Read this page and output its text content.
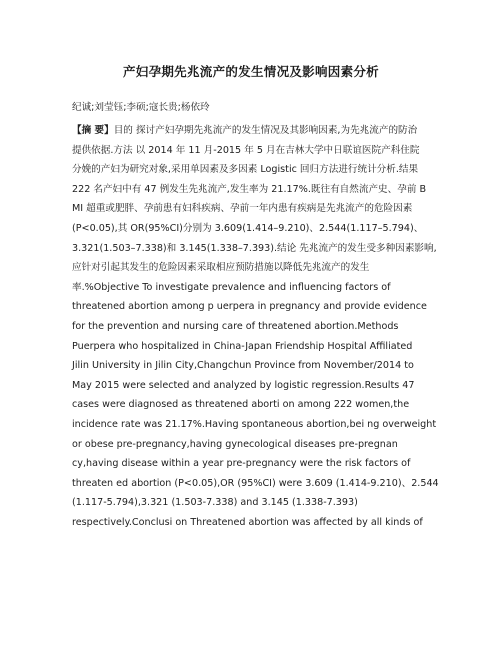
产妇孕期先兆流产的发生情况及影响因素分析
纪诚;刘莹钰;李硕;寇长贵;杨依玲
【摘 要】目的 探讨产妇孕期先兆流产的发生情况及其影响因素,为先兆流产的防治
提供依据.方法 以 2014 年 11 月-2015 年 5 月在吉林大学中日联谊医院产科住院
分娩的产妇为研究对象,采用单因素及多因素 Logistic 回归方法进行统计分析.结果
222 名产妇中有 47 例发生先兆流产,发生率为 21.17%.既往有自然流产史、孕前 B
MI 超重或肥胖、孕前患有妇科疾病、孕前一年内患有疾病是先兆流产的危险因素
(P<0.05),其 OR(95%CI)分别为 3.609(1.414–9.210)、2.544(1.117–5.794)、
3.321(1.503–7.338)和 3.145(1.338–7.393).结论 先兆流产的发生受多种因素影响,
应针对引起其发生的危险因素采取相应预防措施以降低先兆流产的发生
率.%Objective To investigate prevalence and influencing factors of
threatened abortion among p uerpera in pregnancy and provide evidence
for the prevention and nursing care of threatened abortion.Methods
Puerpera who hospitalized in China-Japan Friendship Hospital Affiliated
Jilin University in Jilin City,Changchun Province from November/2014 to
May 2015 were selected and analyzed by logistic regression.Results 47
cases were diagnosed as threatened aborti on among 222 women,the
incidence rate was 21.17%.Having spontaneous abortion,bei ng overweight
or obese pre-pregnancy,having gynecological diseases pre-pregnan
cy,having disease within a year pre-pregnancy were the risk factors of
threaten ed abortion (P<0.05),OR (95%CI) were 3.609 (1.414-9.210)、2.544
(1.117-5.794),3.321 (1.503-7.338) and 3.145 (1.338-7.393)
respectively.Conclusi on Threatened abortion was affected by all kinds of
